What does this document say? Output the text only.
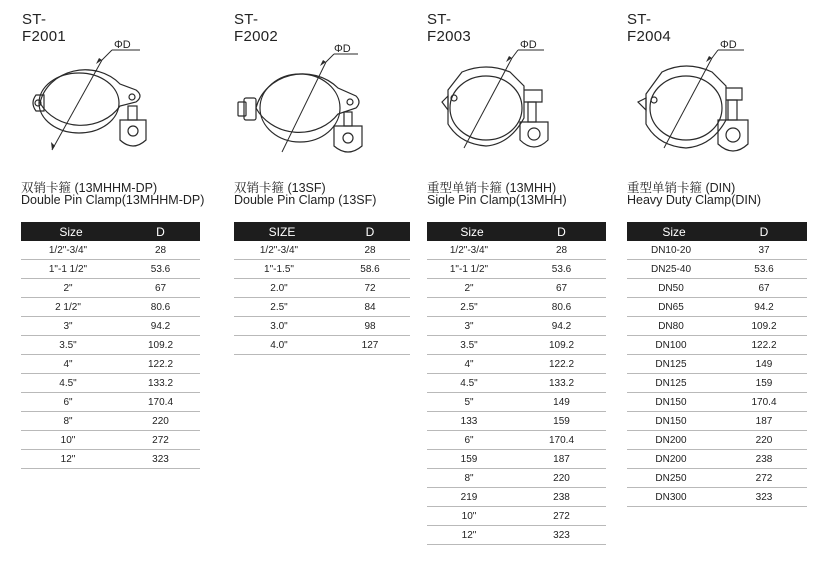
ST-F2001	ΦD
双销卡箍 (13MHHM-DP)
Double Pin Clamp(13MHHM-DP)
Size	D
1/2"-3/4"	28
1"-1 1/2"	53.6
2"	67
2 1/2"	80.6
3"	94.2
3.5"	109.2
4"	122.2
4.5"	133.2
6"	170.4
8"	220
10"	272
12"	323
ST-F2002
ΦD
双销卡箍 (13SF)
Double Pin Clamp (13SF)
SIZE	D
1/2"-3/4"	28
1"-1.5"	58.6
2.0"	72
2.5"	84
3.0"	98
4.0"	127
ST-F2003	ΦD
重型单销卡箍 (13MHH)
Sigle Pin Clamp(13MHH)
Size	D
1/2"-3/4"	28
1"-1 1/2"	53.6
2"	67
2.5"	80.6
3"	94.2
3.5"	109.2
4"	122.2
4.5"	133.2
5"	149
133	159
6"	170.4
159	187
8"	220
219	238
10"	272
12"	323
ST-F2004	ΦD
重型单销卡箍 (DIN)
Heavy Duty Clamp(DIN)
Size	D
DN10-20	37
DN25-40	53.6
DN50	67
DN65	94.2
DN80	109.2
DN100	122.2
DN125	149
DN125	159
DN150	170.4
DN150	187
DN200	220
DN200	238
DN250	272
DN300	323
